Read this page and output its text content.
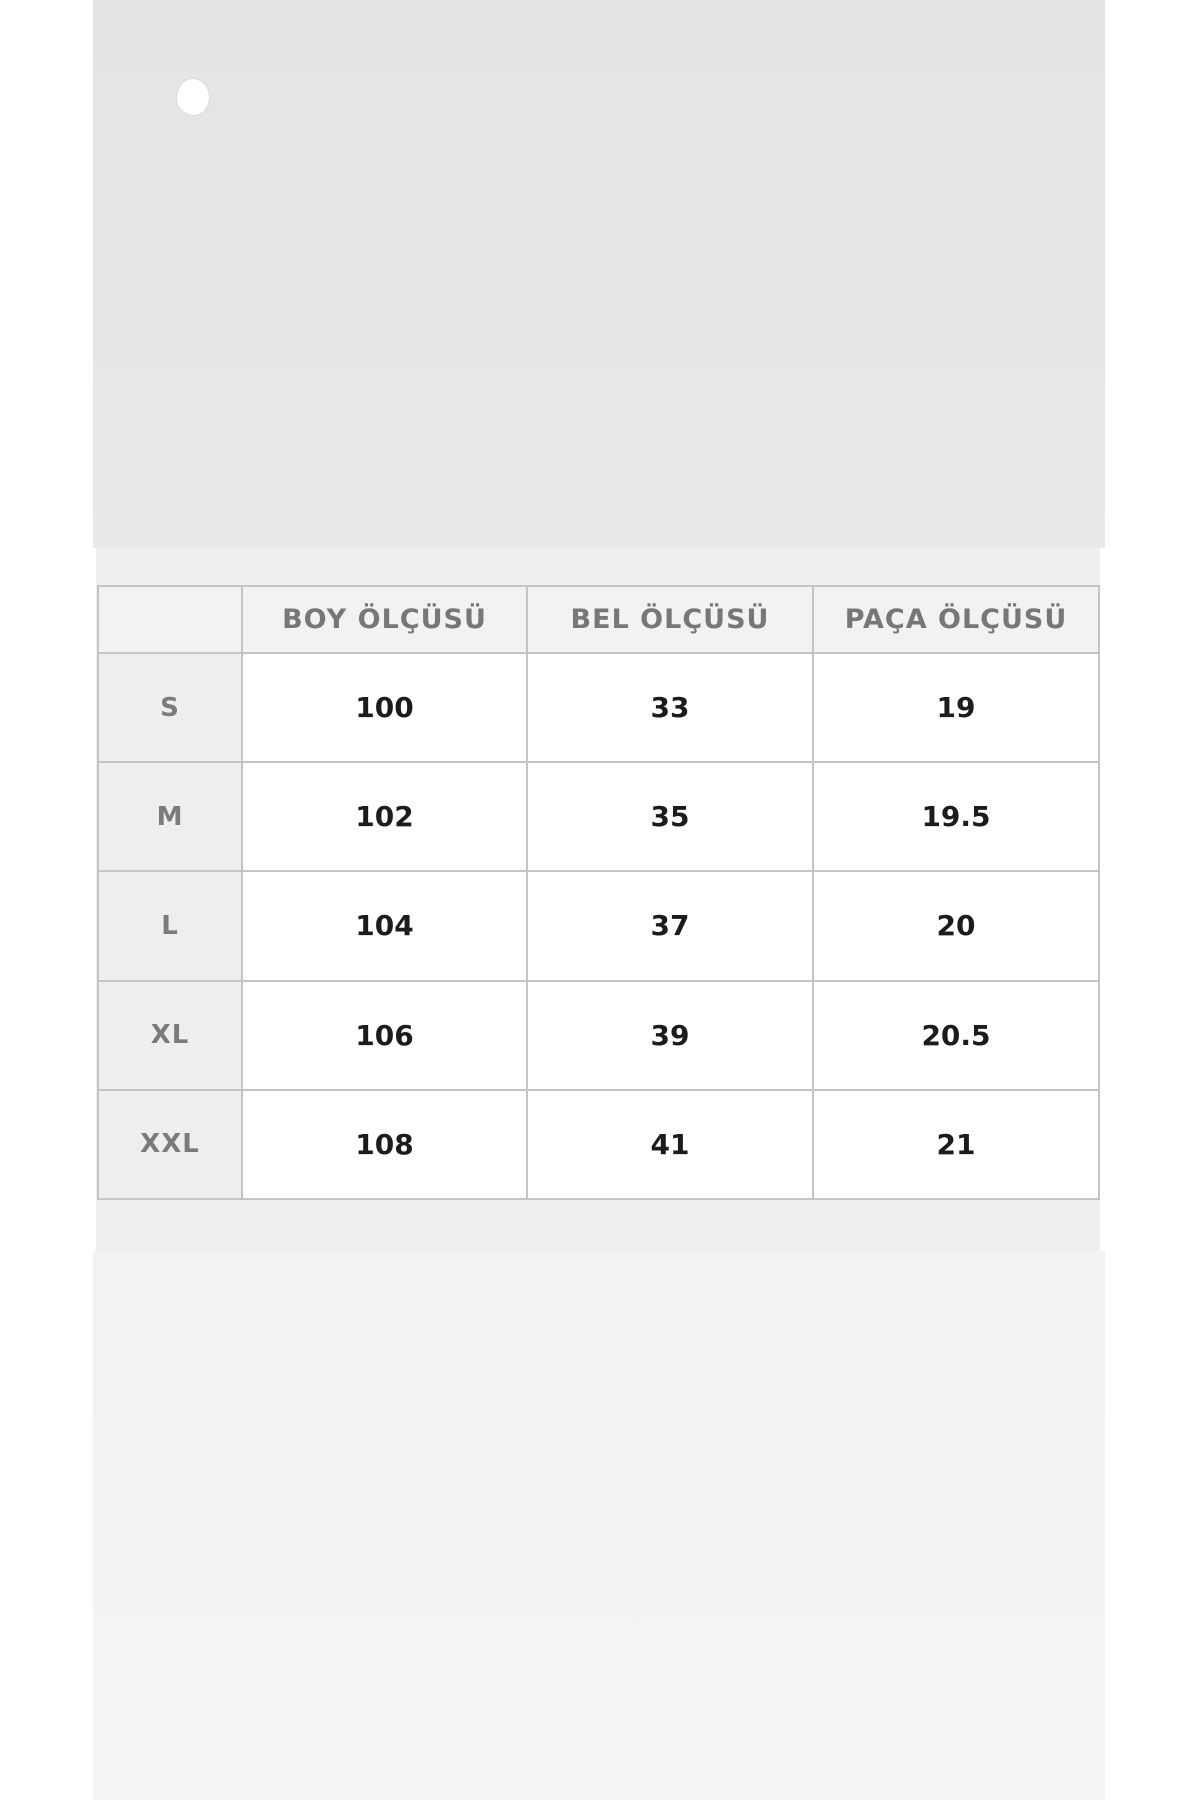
	BOY ÖLÇÜSÜ	BEL ÖLÇÜSÜ	PAÇA ÖLÇÜSÜ
S	100	33	19
M	102	35	19.5
L	104	37	20
XL	106	39	20.5
XXL	108	41	21
